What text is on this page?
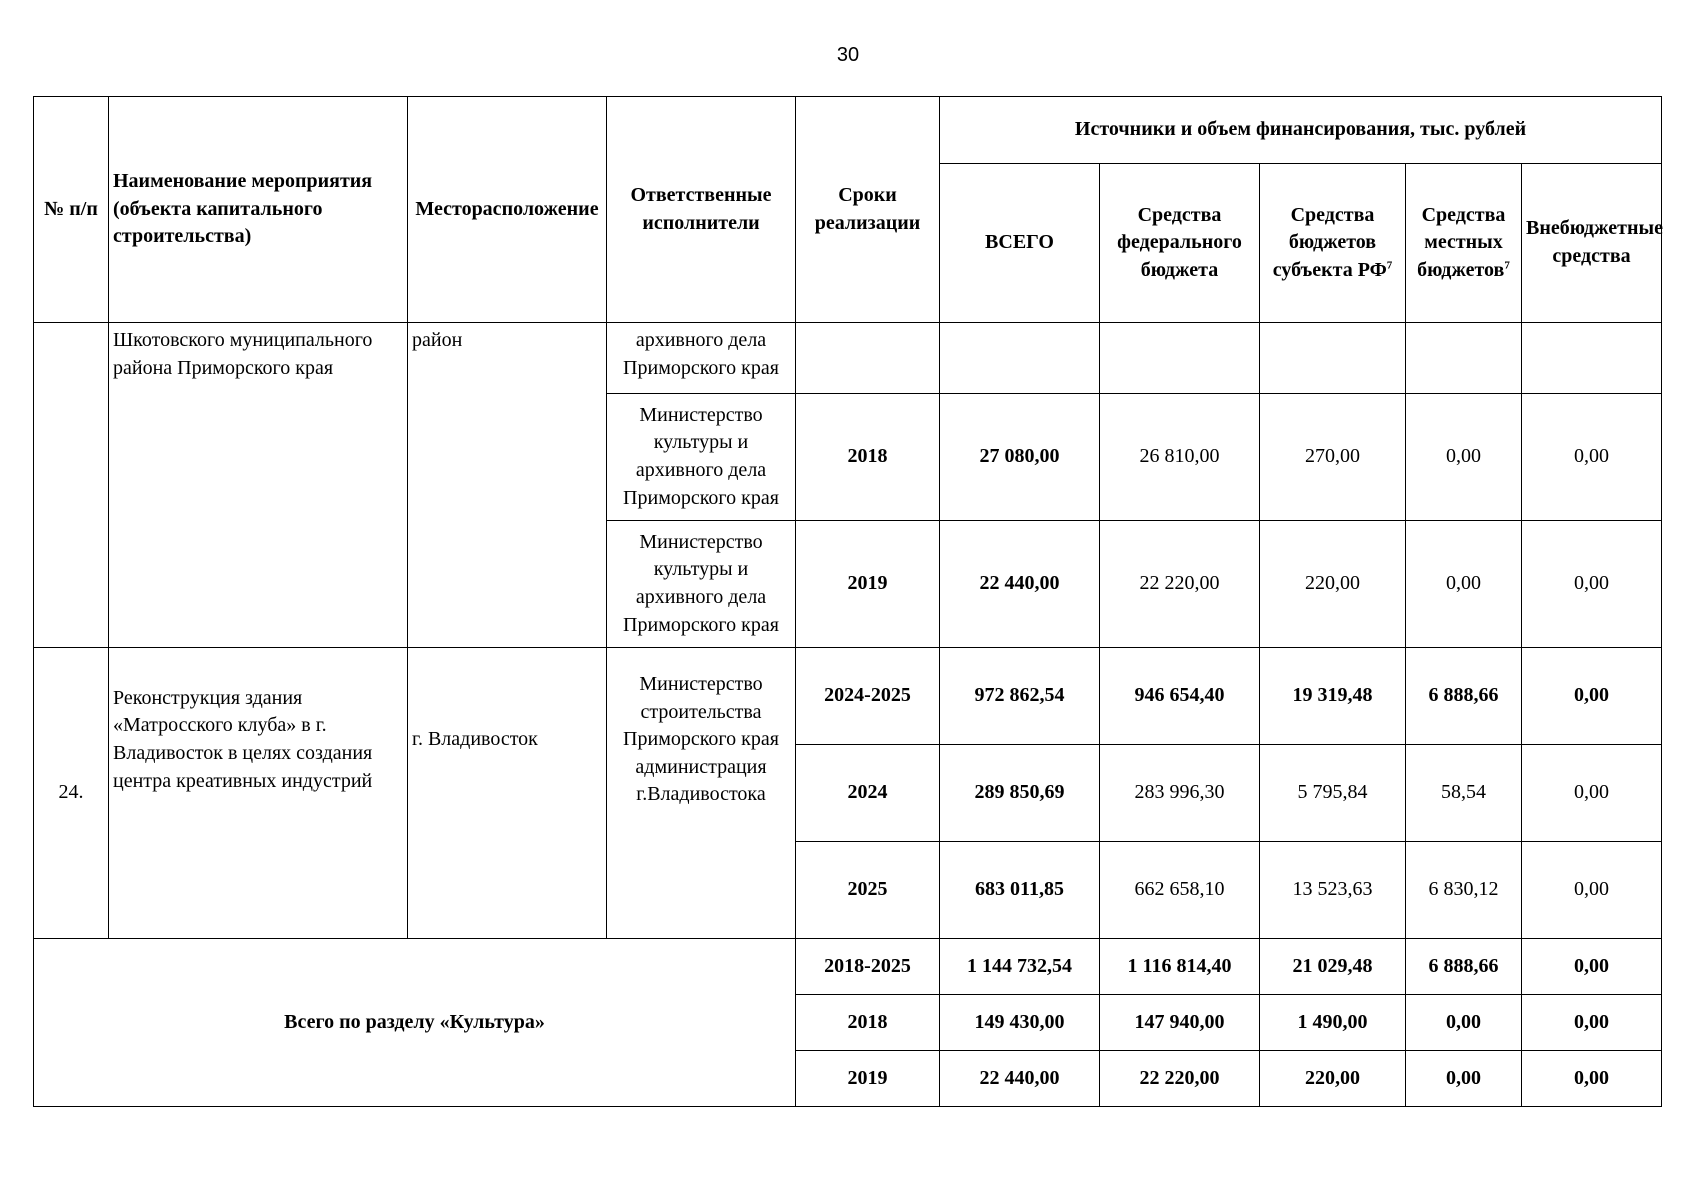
30
№ п/п	Наименование мероприятия (объекта капитального строительства)	Месторасположение	Ответственные исполнители	Сроки реализации	Источники и объем финансирования, тыс. рублей				
					ВСЕГО	Средства федерального бюджета	Средства бюджетов субъекта $РФ^7$	Средства местных бюджетов$^7$	Внебюджетные средства
	Шкотовского муниципального района Приморского края	район	архивного дела Приморского края						
			Министерство культуры и архивного дела Приморского края	2018	27 080,00	26 810,00	270,00	0,00	0,00
			Министерство культуры и архивного дела Приморского края	2019	22 440,00	22 220,00	220,00	0,00	0,00
24.	Реконструкция здания «Матросского клуба» в г. Владивосток в целях создания центра креативных индустрий	г. Владивосток	Министерство строительства Приморского края администрация г.Владивостока	2024-2025	972 862,54	946 654,40	19 319,48	6 888,66	0,00
				2024	289 850,69	283 996,30	5 795,84	58,54	0,00
				2025	683 011,85	662 658,10	13 523,63	6 830,12	0,00
Всего по разделу «Культура»				2018-2025	1 144 732,54	1 116 814,40	21 029,48	6 888,66	0,00
				2018	149 430,00	147 940,00	1 490,00	0,00	0,00
				2019	22 440,00	22 220,00	220,00	0,00	0,00
